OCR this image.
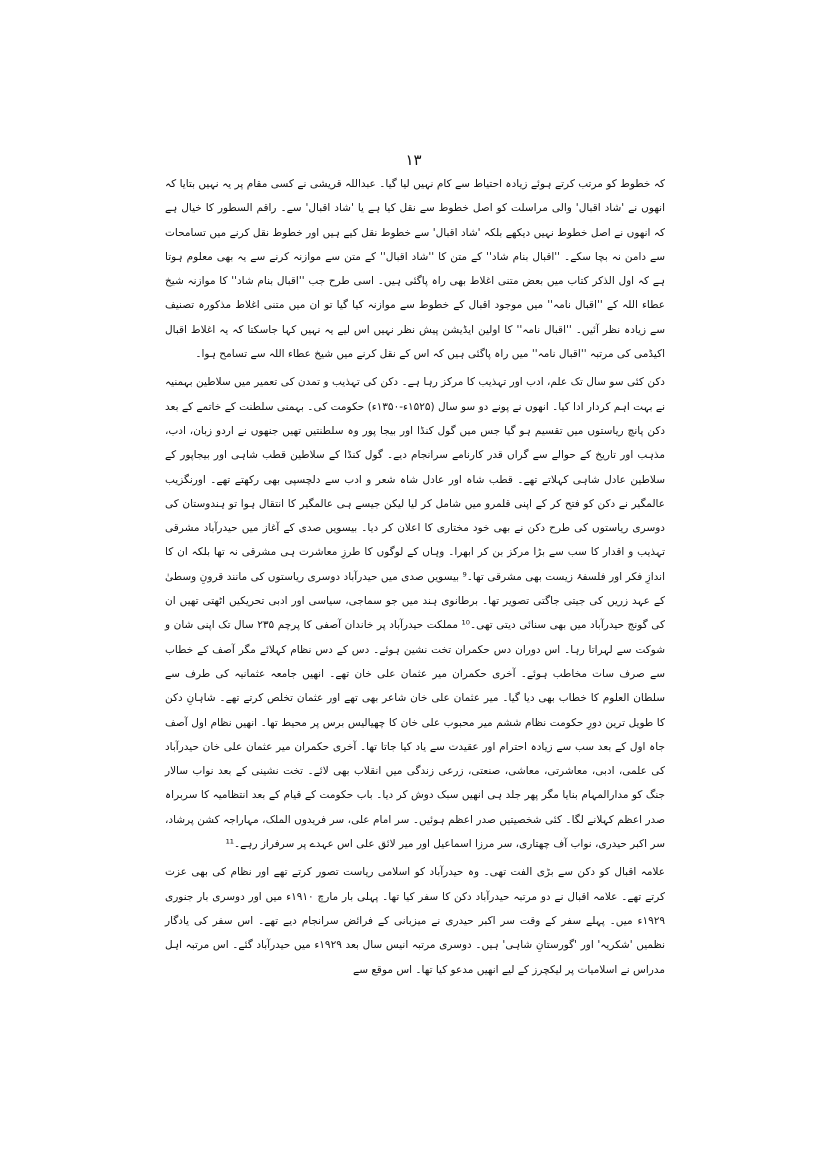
۱۳

کہ خطوط کو مرتب کرتے ہوئے زیادہ احتیاط سے کام نہیں لیا گیا۔ عبداللہ قریشی نے کسی مقام پر یہ نہیں بتایا کہ انھوں نے 'شاد اقبال' والی مراسلت کو اصل خطوط سے نقل کیا ہے یا 'شاد اقبال' سے۔ راقم السطور کا خیال ہے کہ انھوں نے اصل خطوط نہیں دیکھے بلکہ 'شاد اقبال' سے خطوط نقل کیے ہیں اور خطوط نقل کرنے میں تسامحات سے دامن نہ بچا سکے۔ ''اقبال بنام شاد'' کے متن کا ''شاد اقبال'' کے متن سے موازنہ کرنے سے یہ بھی معلوم ہوتا ہے کہ اول الذکر کتاب میں بعض متنی اغلاط بھی راہ پاگئی ہیں۔ اسی طرح جب ''اقبال بنام شاد'' کا موازنہ شیخ عطاء اللہ کے ''اقبال نامہ'' میں موجود اقبال کے خطوط سے موازنہ کیا گیا تو ان میں متنی اغلاط مذکورہ تصنیف سے زیادہ نظر آئیں۔ ''اقبال نامہ'' کا اولین ایڈیشن پیش نظر نہیں اس لیے یہ نہیں کہا جاسکتا کہ یہ اغلاط اقبال اکیڈمی کی مرتبہ ''اقبال نامہ'' میں راہ پاگئی ہیں کہ اس کے نقل کرنے میں شیخ عطاء اللہ سے تسامح ہوا۔

دکن کئی سو سال تک علم، ادب اور تہذیب کا مرکز رہا ہے۔ دکن کی تہذیب و تمدن کی تعمیر میں سلاطین بہمنیہ نے بہت اہم کردار ادا کیا۔ انھوں نے پونے دو سو سال (۱۵۲۵ء-۱۳۵۰ء) حکومت کی۔ بہمنی سلطنت کے خاتمے کے بعد دکن پانچ ریاستوں میں تقسیم ہو گیا جس میں گول کنڈا اور بیجا پور وہ سلطنتیں تھیں جنھوں نے اردو زبان، ادب، مذہب اور تاریخ کے حوالے سے گراں قدر کارنامے سرانجام دیے۔ گول کنڈا کے سلاطین قطب شاہی اور بیجاپور کے سلاطین عادل شاہی کہلاتے تھے۔ قطب شاہ اور عادل شاہ شعر و ادب سے دلچسپی بھی رکھتے تھے۔ اورنگزیب عالمگیر نے دکن کو فتح کر کے اپنی قلمرو میں شامل کر لیا لیکن جیسے ہی عالمگیر کا انتقال ہوا تو ہندوستان کی دوسری ریاستوں کی طرح دکن نے بھی خود مختاری کا اعلان کر دیا۔ بیسویں صدی کے آغاز میں حیدرآباد مشرقی تہذیب و اقدار کا سب سے بڑا مرکز بن کر ابھرا۔ وہاں کے لوگوں کا طرزِ معاشرت ہی مشرقی نہ تھا بلکہ ان کا اندازِ فکر اور فلسفۂ زیست بھی مشرقی تھا۔⁹ بیسویں صدی میں حیدرآباد دوسری ریاستوں کی مانند قرونِ وسطیٰ کے عہد زریں کی جیتی جاگتی تصویر تھا۔ برطانوی ہند میں جو سماجی، سیاسی اور ادبی تحریکیں اٹھتی تھیں ان کی گونج حیدرآباد میں بھی سنائی دیتی تھی۔¹⁰ مملکت حیدرآباد پر خاندان آصفی کا پرچم ۲۳۵ سال تک اپنی شان و شوکت سے لہراتا رہا۔ اس دوران دس حکمران تخت نشین ہوئے۔ دس کے دس نظام کہلائے مگر آصف کے خطاب سے صرف سات مخاطب ہوئے۔ آخری حکمران میر عثمان علی خان تھے۔ انھیں جامعہ عثمانیہ کی طرف سے سلطان العلوم کا خطاب بھی دیا گیا۔ میر عثمان علی خان شاعر بھی تھے اور عثمان تخلص کرتے تھے۔ شاہانِ دکن کا طویل ترین دورِ حکومت نظام ششم میر محبوب علی خان کا چھیالیس برس پر محیط تھا۔ انھیں نظام اول آصف جاہ اول کے بعد سب سے زیادہ احترام اور عقیدت سے یاد کیا جاتا تھا۔ آخری حکمران میر عثمان علی خان حیدرآباد کی علمی، ادبی، معاشرتی، معاشی، صنعتی، زرعی زندگی میں انقلاب بھی لائے۔ تخت نشینی کے بعد نواب سالار جنگ کو مدارالمہام بنایا مگر پھر جلد ہی انھیں سبک دوش کر دیا۔ باب حکومت کے قیام کے بعد انتظامیہ کا سربراہ صدر اعظم کہلانے لگا۔ کئی شخصیتیں صدر اعظم ہوئیں۔ سر امام علی، سر فریدوں الملک، مہاراجہ کشن پرشاد، سر اکبر حیدری، نواب آف چھتاری، سر مرزا اسماعیل اور میر لائق علی اس عہدے پر سرفراز رہے۔¹¹

علامہ اقبال کو دکن سے بڑی الفت تھی۔ وہ حیدرآباد کو اسلامی ریاست تصور کرتے تھے اور نظام کی بھی عزت کرتے تھے۔ علامہ اقبال نے دو مرتبہ حیدرآباد دکن کا سفر کیا تھا۔ پہلی بار مارچ ۱۹۱۰ء میں اور دوسری بار جنوری ۱۹۲۹ء میں۔ پہلے سفر کے وقت سر اکبر حیدری نے میزبانی کے فرائض سرانجام دیے تھے۔ اس سفر کی یادگار نظمیں 'شکریہ' اور 'گورستانِ شاہی' ہیں۔ دوسری مرتبہ انیس سال بعد ۱۹۲۹ء میں حیدرآباد گئے۔ اس مرتبہ اہل مدراس نے اسلامیات پر لیکچرز کے لیے انھیں مدعو کیا تھا۔ اس موقع سے
